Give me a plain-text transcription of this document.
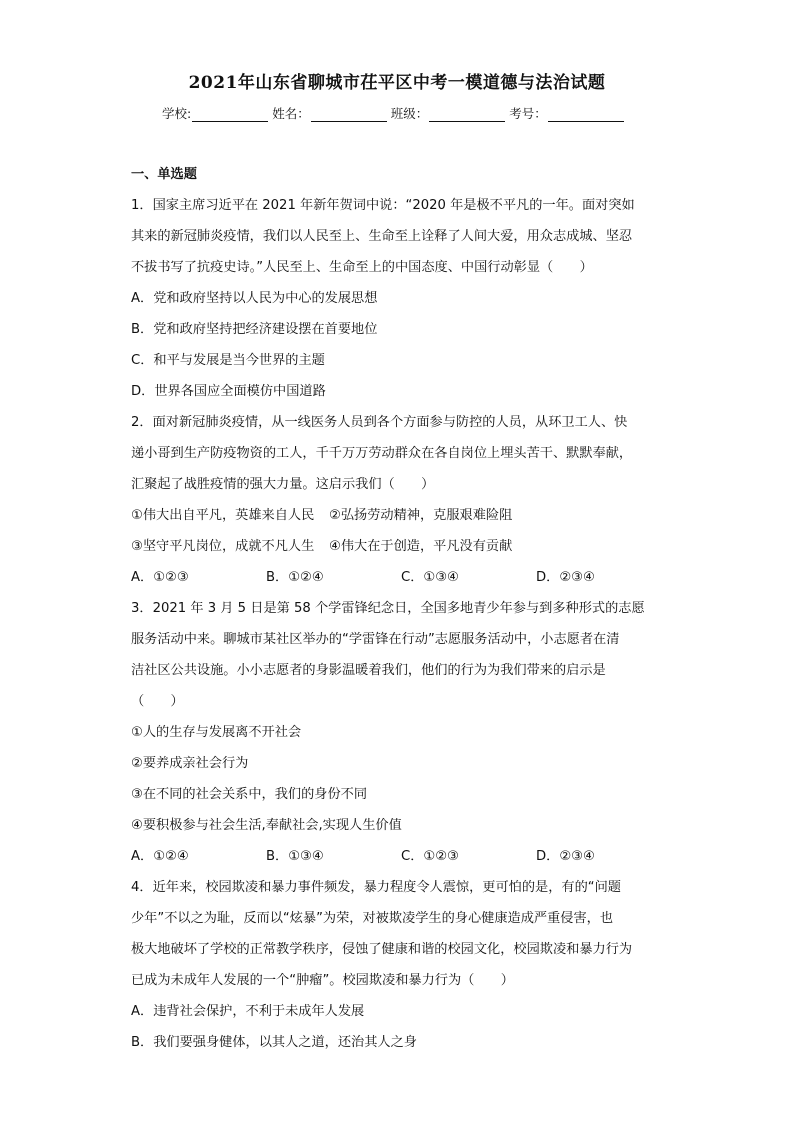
2021年山东省聊城市茌平区中考一模道德与法治试题
学校:	姓名：	班级：	考号：
一、单选题
1．国家主席习近平在 2021 年新年贺词中说：“2020 年是极不平凡的一年。面对突如
其来的新冠肺炎疫情，我们以人民至上、生命至上诠释了人间大爱，用众志成城、坚忍
不拔书写了抗疫史诗。”人民至上、生命至上的中国态度、中国行动彰显（　　）
A．党和政府坚持以人民为中心的发展思想
B．党和政府坚持把经济建设摆在首要地位
C．和平与发展是当今世界的主题
D．世界各国应全面模仿中国道路
2．面对新冠肺炎疫情，从一线医务人员到各个方面参与防控的人员，从环卫工人、快
递小哥到生产防疫物资的工人，千千万万劳动群众在各自岗位上埋头苦干、默默奉献，
汇聚起了战胜疫情的强大力量。这启示我们（　　）
①伟大出自平凡，英雄来自人民	②弘扬劳动精神，克服艰难险阻
③坚守平凡岗位，成就不凡人生	④伟大在于创造，平凡没有贡献
A．①②③	B．①②④	C．①③④	D．②③④
3．2021 年 3 月 5 日是第 58 个学雷锋纪念日，全国多地青少年参与到多种形式的志愿
服务活动中来。聊城市某社区举办的“学雷锋在行动”志愿服务活动中，小志愿者在清
洁社区公共设施。小小志愿者的身影温暖着我们，他们的行为为我们带来的启示是
（　　）
①人的生存与发展离不开社会
②要养成亲社会行为
③在不同的社会关系中，我们的身份不同
④要积极参与社会生活,奉献社会,实现人生价值
A．①②④	B．①③④	C．①②③	D．②③④
4．近年来，校园欺凌和暴力事件频发，暴力程度令人震惊，更可怕的是，有的“问题
少年”不以之为耻，反而以“炫暴”为荣，对被欺凌学生的身心健康造成严重侵害，也
极大地破坏了学校的正常教学秩序，侵蚀了健康和谐的校园文化，校园欺凌和暴力行为
已成为未成年人发展的一个“肿瘤”。校园欺凌和暴力行为（　　）
A．违背社会保护，不利于未成年人发展
B．我们要强身健体，以其人之道，还治其人之身
